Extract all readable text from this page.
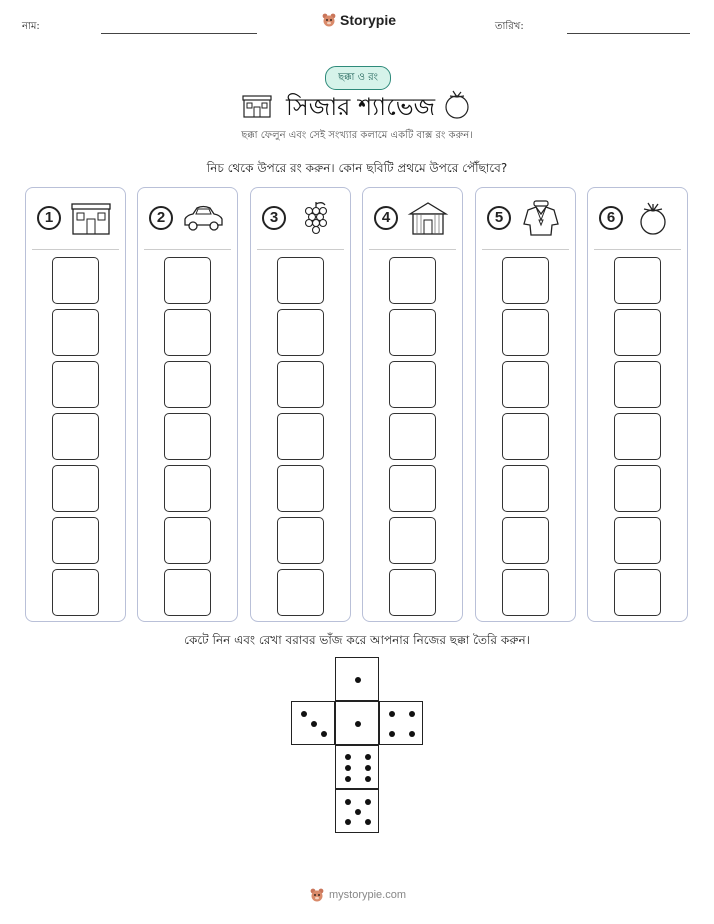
নাম:	Storypie	তারিখ:
ছক্কা ও রং
সিজার শ্যাভেজ
ছক্কা ফেলুন এবং সেই সংখ্যার কলামে একটি বাক্স রং করুন।
নিচ থেকে উপরে রং করুন। কোন ছবিটি প্রথমে উপরে পৌঁছাবে?
1	2	3	4	5	6
কেটে নিন এবং রেখা বরাবর ভাঁজ করে আপনার নিজের ছক্কা তৈরি করুন।
mystorypie.com
